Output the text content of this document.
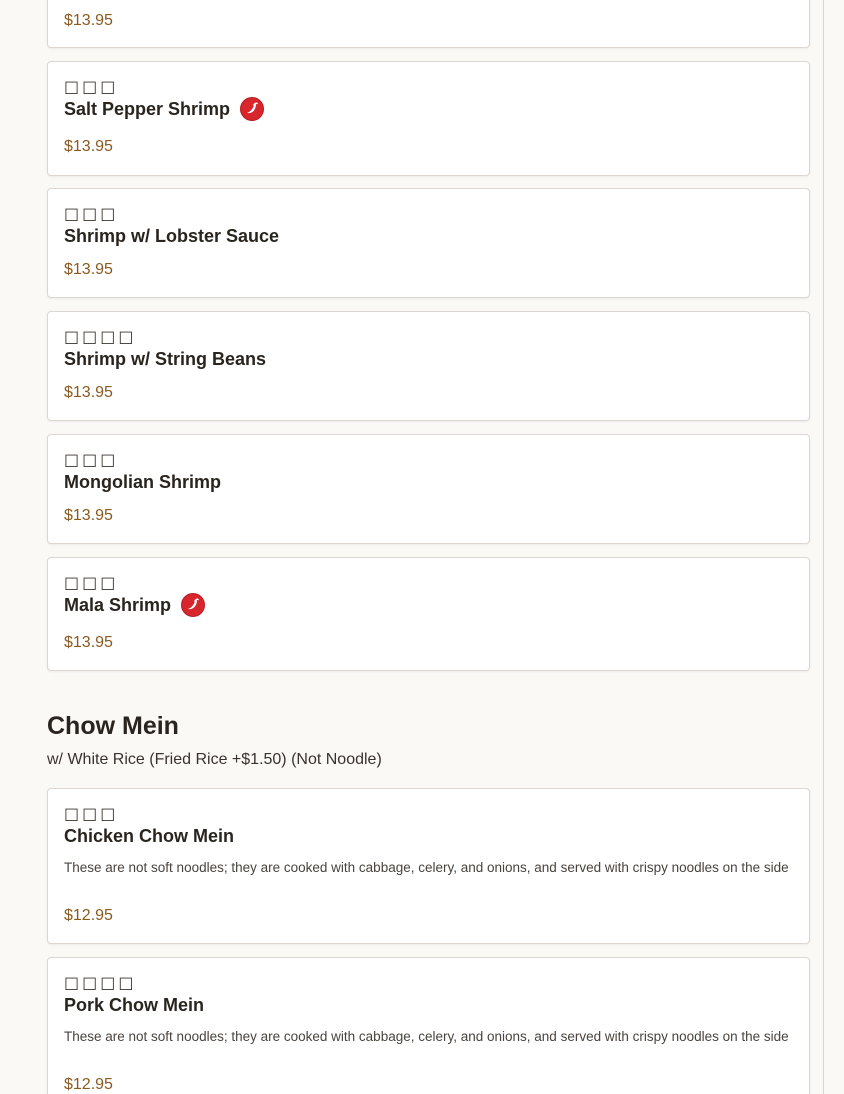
$13.95
□□□
Salt Pepper Shrimp
$13.95
□□□
Shrimp w/ Lobster Sauce
$13.95
□□□□
Shrimp w/ String Beans
$13.95
□□□
Mongolian Shrimp
$13.95
□□□
Mala Shrimp
$13.95
Chow Mein
w/ White Rice (Fried Rice +$1.50) (Not Noodle)
□□□
Chicken Chow Mein
These are not soft noodles; they are cooked with cabbage, celery, and onions, and served with crispy noodles on the side
$12.95
□□□□
Pork Chow Mein
These are not soft noodles; they are cooked with cabbage, celery, and onions, and served with crispy noodles on the side
$12.95
